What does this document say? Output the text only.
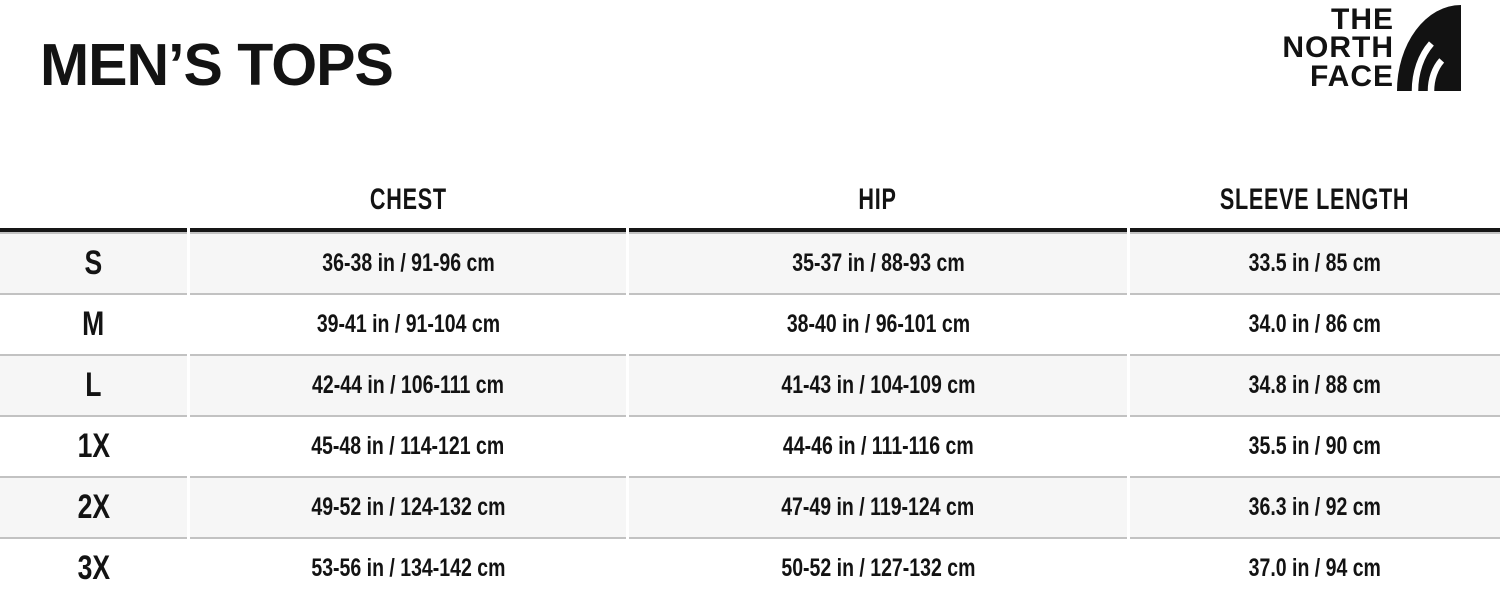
MEN’S TOPS
THE
NORTH
FACE
CHEST	HIP	SLEEVE LENGTH
S	36-38 in / 91-96 cm	35-37 in / 88-93 cm	33.5 in / 85 cm
M	39-41 in / 91-104 cm	38-40 in / 96-101 cm	34.0 in / 86 cm
L	42-44 in / 106-111 cm	41-43 in / 104-109 cm	34.8 in / 88 cm
1X	45-48 in / 114-121 cm	44-46 in / 111-116 cm	35.5 in / 90 cm
2X	49-52 in / 124-132 cm	47-49 in / 119-124 cm	36.3 in / 92 cm
3X	53-56 in / 134-142 cm	50-52 in / 127-132 cm	37.0 in / 94 cm
